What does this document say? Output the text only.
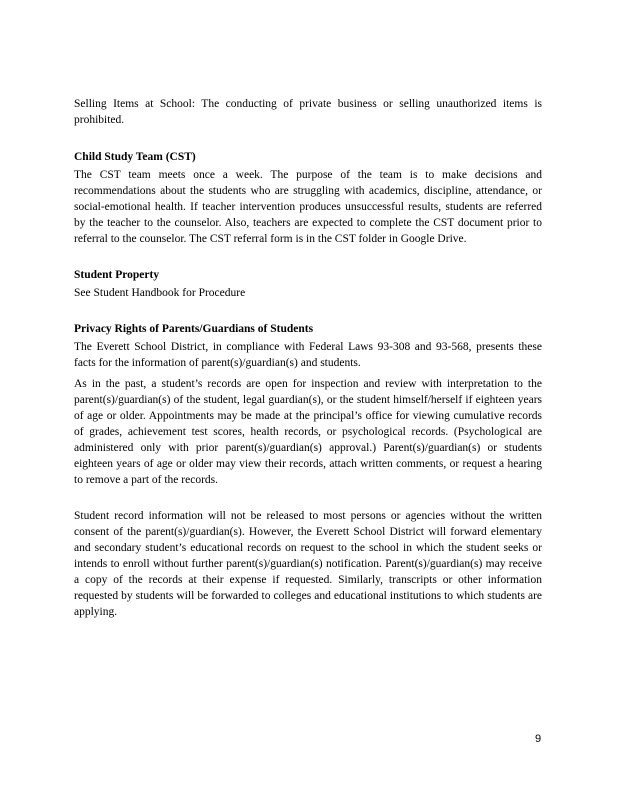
Selling Items at School: The conducting of private business or selling unauthorized items is prohibited.

Child Study Team (CST)

The CST team meets once a week. The purpose of the team is to make decisions and recommendations about the students who are struggling with academics, discipline, attendance, or social-emotional health. If teacher intervention produces unsuccessful results, students are referred by the teacher to the counselor. Also, teachers are expected to complete the CST document prior to referral to the counselor. The CST referral form is in the CST folder in Google Drive.

Student Property

See Student Handbook for Procedure

Privacy Rights of Parents/Guardians of Students

The Everett School District, in compliance with Federal Laws 93-308 and 93-568, presents these facts for the information of parent(s)/guardian(s) and students.

As in the past, a student’s records are open for inspection and review with interpretation to the parent(s)/guardian(s) of the student, legal guardian(s), or the student himself/herself if eighteen years of age or older. Appointments may be made at the principal’s office for viewing cumulative records of grades, achievement test scores, health records, or psychological records. (Psychological are administered only with prior parent(s)/guardian(s) approval.) Parent(s)/guardian(s) or students eighteen years of age or older may view their records, attach written comments, or request a hearing to remove a part of the records.

Student record information will not be released to most persons or agencies without the written consent of the parent(s)/guardian(s). However, the Everett School District will forward elementary and secondary student’s educational records on request to the school in which the student seeks or intends to enroll without further parent(s)/guardian(s) notification. Parent(s)/guardian(s) may receive a copy of the records at their expense if requested. Similarly, transcripts or other information requested by students will be forwarded to colleges and educational institutions to which students are applying.

9
